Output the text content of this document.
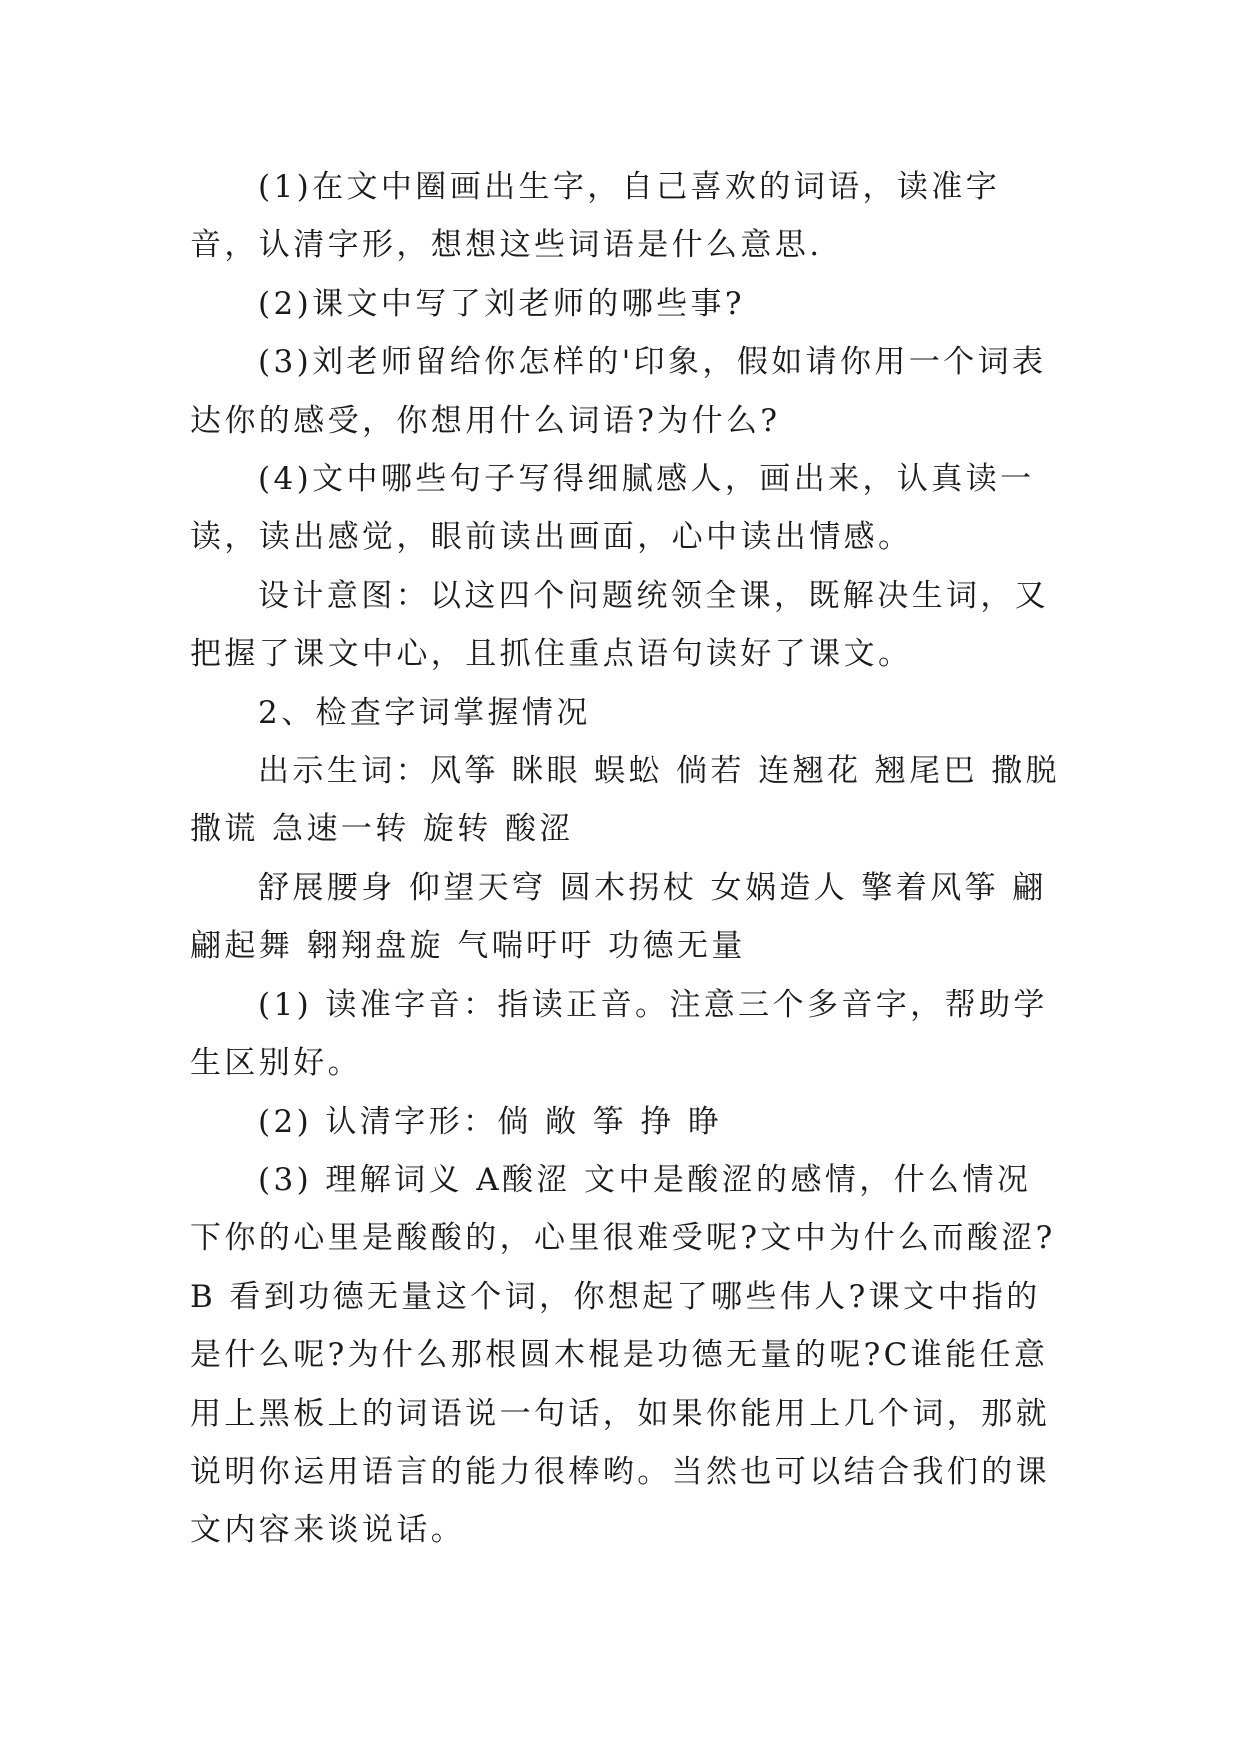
(1)在文中圈画出生字，自己喜欢的词语，读准字音，认清字形，想想这些词语是什么意思.

(2)课文中写了刘老师的哪些事?

(3)刘老师留给你怎样的'印象，假如请你用一个词表达你的感受，你想用什么词语?为什么?

(4)文中哪些句子写得细腻感人，画出来，认真读一读，读出感觉，眼前读出画面，心中读出情感。

设计意图：以这四个问题统领全课，既解决生词，又把握了课文中心，且抓住重点语句读好了课文。

2、检查字词掌握情况

出示生词：风筝 眯眼 蜈蚣 倘若 连翘花 翘尾巴 撒脱 撒谎 急速一转 旋转 酸涩

舒展腰身 仰望天穹 圆木拐杖 女娲造人 擎着风筝 翩翩起舞 翱翔盘旋 气喘吁吁 功德无量

(1) 读准字音：指读正音。注意三个多音字，帮助学生区别好。

(2) 认清字形：倘 敞 筝 挣 睁

(3) 理解词义 A酸涩 文中是酸涩的感情，什么情况下你的心里是酸酸的，心里很难受呢?文中为什么而酸涩?B 看到功德无量这个词，你想起了哪些伟人?课文中指的是什么呢?为什么那根圆木棍是功德无量的呢?C谁能任意用上黑板上的词语说一句话，如果你能用上几个词，那就说明你运用语言的能力很棒哟。当然也可以结合我们的课文内容来谈说话。
